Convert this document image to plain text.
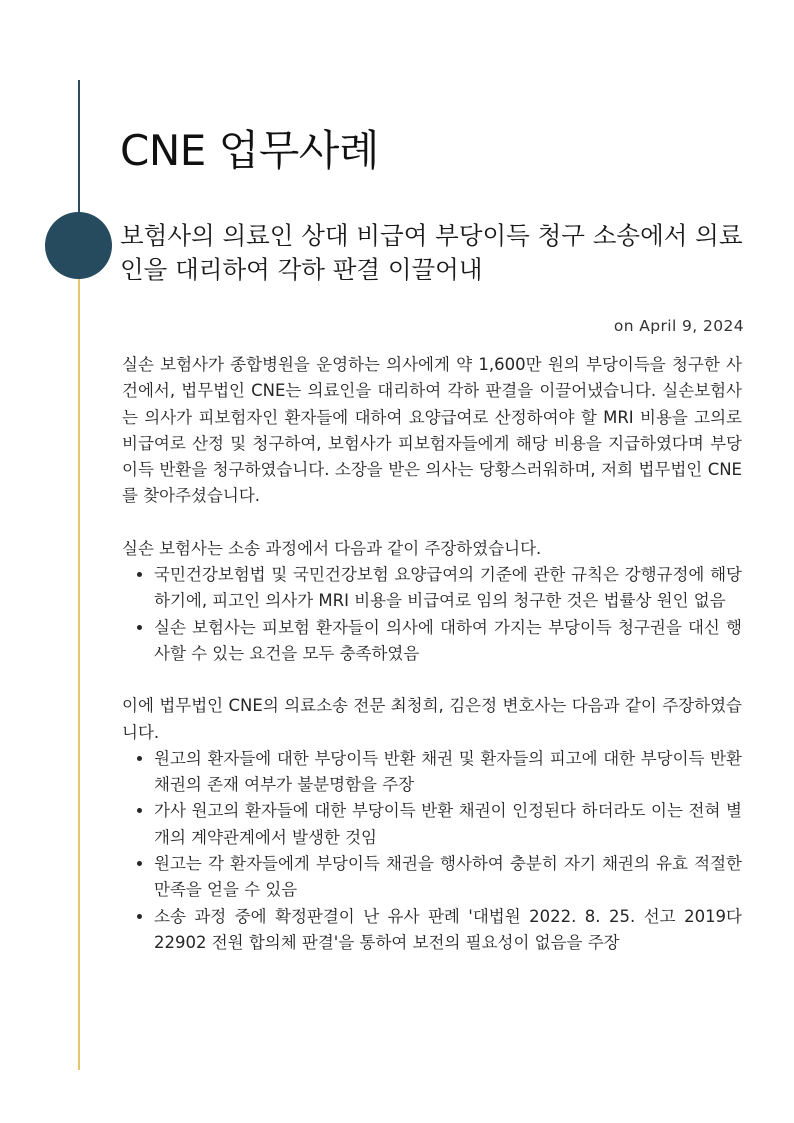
CNE 업무사례
보험사의 의료인 상대 비급여 부당이득 청구 소송에서 의료인을 대리하여 각하 판결 이끌어내
on April 9, 2024

실손 보험사가 종합병원을 운영하는 의사에게 약 1,600만 원의 부당이득을 청구한 사건에서, 법무법인 CNE는 의료인을 대리하여 각하 판결을 이끌어냈습니다. 실손보험사는 의사가 피보험자인 환자들에 대하여 요양급여로 산정하여야 할 MRI 비용을 고의로 비급여로 산정 및 청구하여, 보험사가 피보험자들에게 해당 비용을 지급하였다며 부당이득 반환을 청구하였습니다. 소장을 받은 의사는 당황스러워하며, 저희 법무법인 CNE를 찾아주셨습니다.

실손 보험사는 소송 과정에서 다음과 같이 주장하였습니다.

• 국민건강보험법 및 국민건강보험 요양급여의 기준에 관한 규칙은 강행규정에 해당하기에, 피고인 의사가 MRI 비용을 비급여로 임의 청구한 것은 법률상 원인 없음
• 실손 보험사는 피보험 환자들이 의사에 대하여 가지는 부당이득 청구권을 대신 행사할 수 있는 요건을 모두 충족하였음

이에 법무법인 CNE의 의료소송 전문 최청희, 김은정 변호사는 다음과 같이 주장하였습니다.

• 원고의 환자들에 대한 부당이득 반환 채권 및 환자들의 피고에 대한 부당이득 반환 채권의 존재 여부가 불분명함을 주장
• 가사 원고의 환자들에 대한 부당이득 반환 채권이 인정된다 하더라도 이는 전혀 별개의 계약관계에서 발생한 것임
• 원고는 각 환자들에게 부당이득 채권을 행사하여 충분히 자기 채권의 유효 적절한 만족을 얻을 수 있음
• 소송 과정 중에 확정판결이 난 유사 판례 '대법원 2022. 8. 25. 선고 2019다22902 전원 합의체 판결'을 통하여 보전의 필요성이 없음을 주장
